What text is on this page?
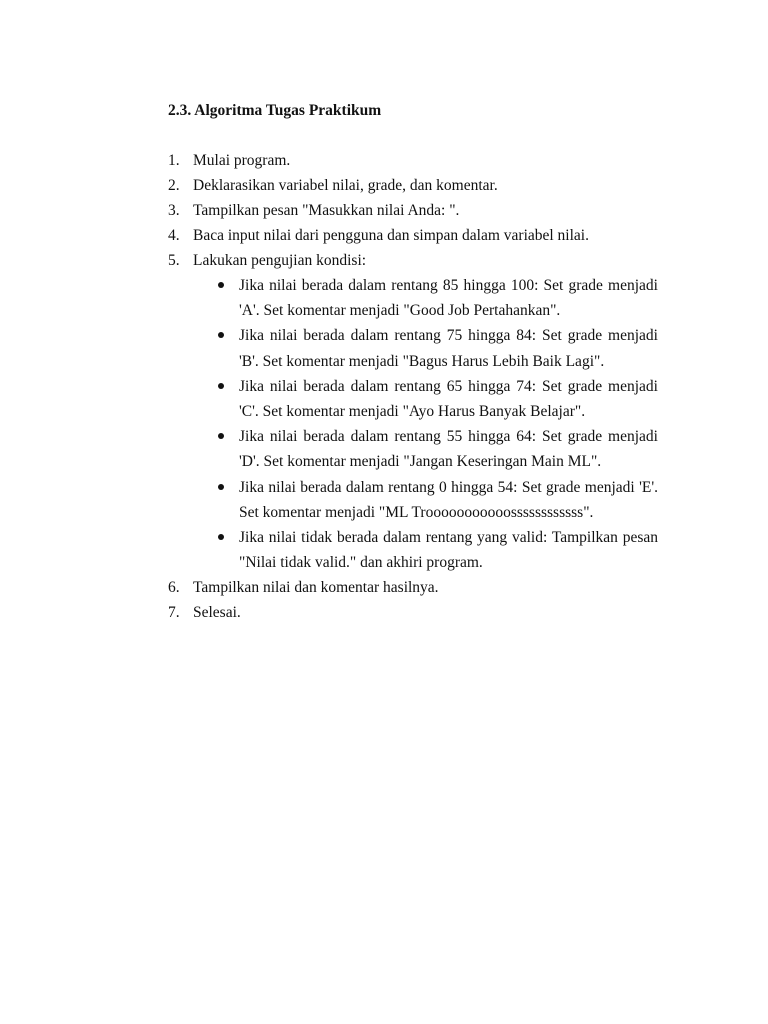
2.3. Algoritma Tugas Praktikum
1. Mulai program.
2. Deklarasikan variabel nilai, grade, dan komentar.
3. Tampilkan pesan "Masukkan nilai Anda: ".
4. Baca input nilai dari pengguna dan simpan dalam variabel nilai.
5. Lakukan pengujian kondisi:
Jika nilai berada dalam rentang 85 hingga 100: Set grade menjadi 'A'. Set komentar menjadi "Good Job Pertahankan".
Jika nilai berada dalam rentang 75 hingga 84: Set grade menjadi 'B'. Set komentar menjadi "Bagus Harus Lebih Baik Lagi".
Jika nilai berada dalam rentang 65 hingga 74: Set grade menjadi 'C'. Set komentar menjadi "Ayo Harus Banyak Belajar".
Jika nilai berada dalam rentang 55 hingga 64: Set grade menjadi 'D'. Set komentar menjadi "Jangan Keseringan Main ML".
Jika nilai berada dalam rentang 0 hingga 54: Set grade menjadi 'E'. Set komentar menjadi "ML Trooooooooooossssssssssss".
Jika nilai tidak berada dalam rentang yang valid: Tampilkan pesan "Nilai tidak valid." dan akhiri program.
6. Tampilkan nilai dan komentar hasilnya.
7. Selesai.
